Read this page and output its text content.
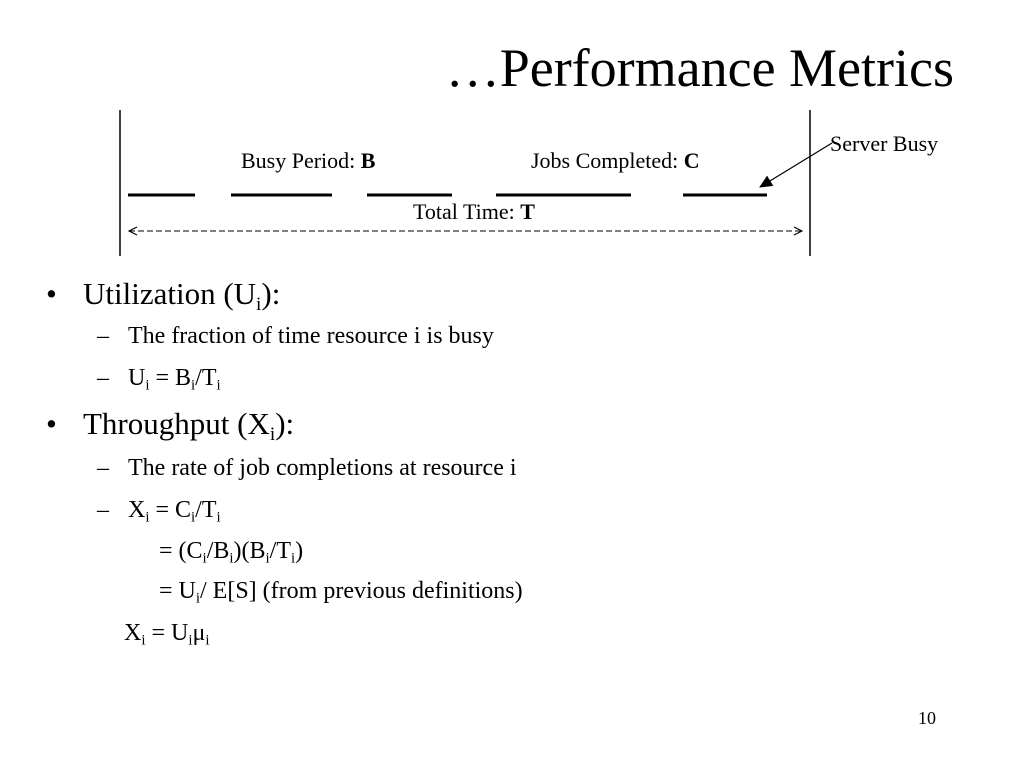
…Performance Metrics
Busy Period: B	Jobs Completed: C
Total Time: T
Server Busy
• Utilization $(U_i)$:
– The fraction of time resource i is busy
– $U_i = B_i/T_i$
• Throughput $(X_i)$:
– The rate of job completions at resource i
– $X_i = C_i/T_i$
= $(C_i/B_i)(B_i/T_i)$
= $U_i/$ E[S] (from previous definitions)
$X_i = U_i\mu_i$
10
